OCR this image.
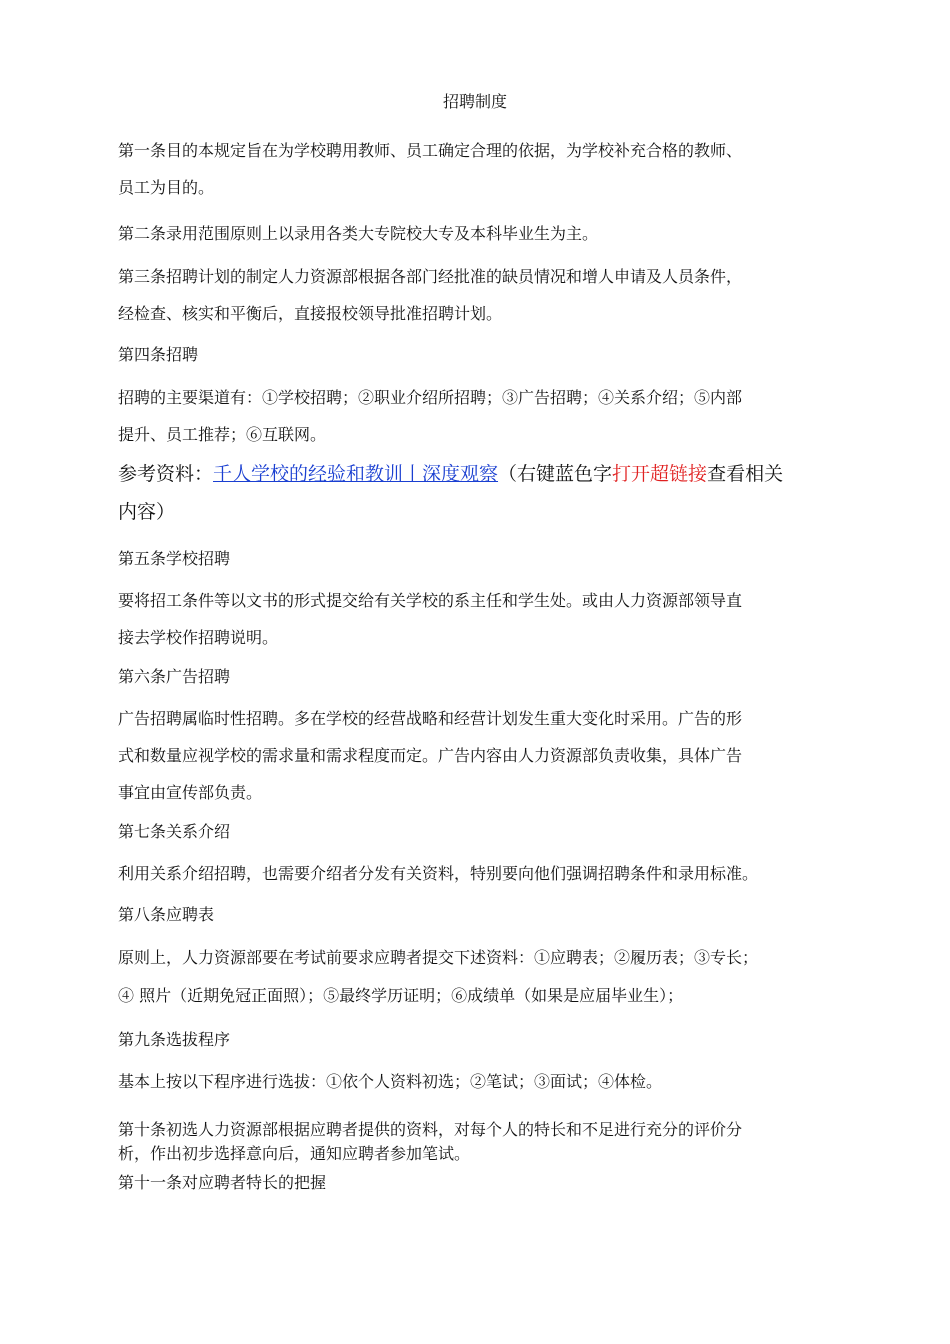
招聘制度
第一条目的本规定旨在为学校聘用教师、员工确定合理的依据，为学校补充合格的教师、
员工为目的。
第二条录用范围原则上以录用各类大专院校大专及本科毕业生为主。
第三条招聘计划的制定人力资源部根据各部门经批准的缺员情况和增人申请及人员条件，
经检查、核实和平衡后，直接报校领导批准招聘计划。
第四条招聘
招聘的主要渠道有：①学校招聘；②职业介绍所招聘；③广告招聘；④关系介绍；⑤内部
提升、员工推荐；⑥互联网。
参考资料：千人学校的经验和教训丨深度观察（右键蓝色字打开超链接查看相关
内容）
第五条学校招聘
要将招工条件等以文书的形式提交给有关学校的系主任和学生处。或由人力资源部领导直
接去学校作招聘说明。
第六条广告招聘
广告招聘属临时性招聘。多在学校的经营战略和经营计划发生重大变化时采用。广告的形
式和数量应视学校的需求量和需求程度而定。广告内容由人力资源部负责收集，具体广告
事宜由宣传部负责。
第七条关系介绍
利用关系介绍招聘，也需要介绍者分发有关资料，特别要向他们强调招聘条件和录用标准。
第八条应聘表
原则上，人力资源部要在考试前要求应聘者提交下述资料：①应聘表；②履历表；③专长；
④ 照片（近期免冠正面照）；⑤最终学历证明；⑥成绩单（如果是应届毕业生）；
第九条选拔程序
基本上按以下程序进行选拔：①依个人资料初选；②笔试；③面试；④体检。
第十条初选人力资源部根据应聘者提供的资料，对每个人的特长和不足进行充分的评价分
析，作出初步选择意向后，通知应聘者参加笔试。
第十一条对应聘者特长的把握
